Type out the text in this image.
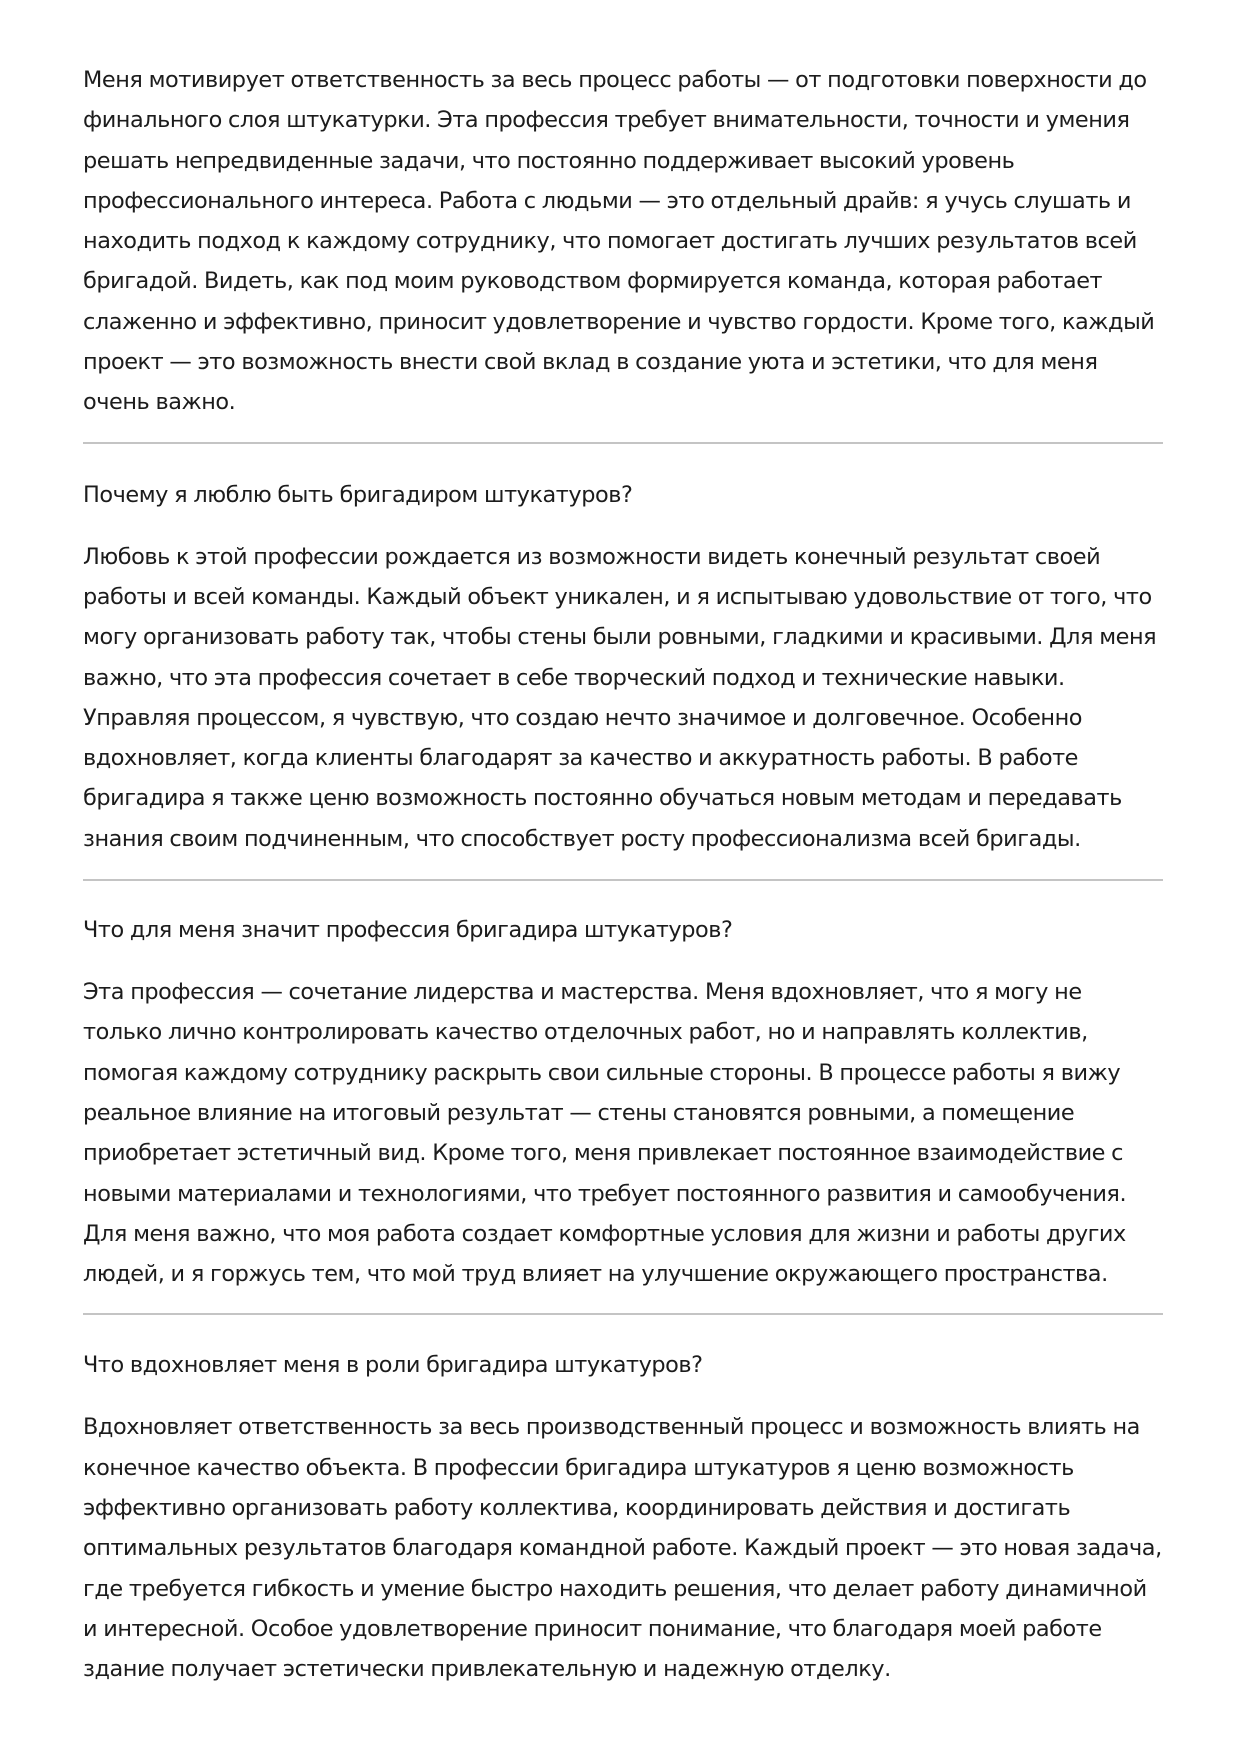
Меня мотивирует ответственность за весь процесс работы — от подготовки поверхности до финального слоя штукатурки. Эта профессия требует внимательности, точности и умения решать непредвиденные задачи, что постоянно поддерживает высокий уровень профессионального интереса. Работа с людьми — это отдельный драйв: я учусь слушать и находить подход к каждому сотруднику, что помогает достигать лучших результатов всей бригадой. Видеть, как под моим руководством формируется команда, которая работает слаженно и эффективно, приносит удовлетворение и чувство гордости. Кроме того, каждый проект — это возможность внести свой вклад в создание уюта и эстетики, что для меня очень важно.

Почему я люблю быть бригадиром штукатуров?

Любовь к этой профессии рождается из возможности видеть конечный результат своей работы и всей команды. Каждый объект уникален, и я испытываю удовольствие от того, что могу организовать работу так, чтобы стены были ровными, гладкими и красивыми. Для меня важно, что эта профессия сочетает в себе творческий подход и технические навыки. Управляя процессом, я чувствую, что создаю нечто значимое и долговечное. Особенно вдохновляет, когда клиенты благодарят за качество и аккуратность работы. В работе бригадира я также ценю возможность постоянно обучаться новым методам и передавать знания своим подчиненным, что способствует росту профессионализма всей бригады.

Что для меня значит профессия бригадира штукатуров?

Эта профессия — сочетание лидерства и мастерства. Меня вдохновляет, что я могу не только лично контролировать качество отделочных работ, но и направлять коллектив, помогая каждому сотруднику раскрыть свои сильные стороны. В процессе работы я вижу реальное влияние на итоговый результат — стены становятся ровными, а помещение приобретает эстетичный вид. Кроме того, меня привлекает постоянное взаимодействие с новыми материалами и технологиями, что требует постоянного развития и самообучения. Для меня важно, что моя работа создает комфортные условия для жизни и работы других людей, и я горжусь тем, что мой труд влияет на улучшение окружающего пространства.

Что вдохновляет меня в роли бригадира штукатуров?

Вдохновляет ответственность за весь производственный процесс и возможность влиять на конечное качество объекта. В профессии бригадира штукатуров я ценю возможность эффективно организовать работу коллектива, координировать действия и достигать оптимальных результатов благодаря командной работе. Каждый проект — это новая задача, где требуется гибкость и умение быстро находить решения, что делает работу динамичной и интересной. Особое удовлетворение приносит понимание, что благодаря моей работе здание получает эстетически привлекательную и надежную отделку.
